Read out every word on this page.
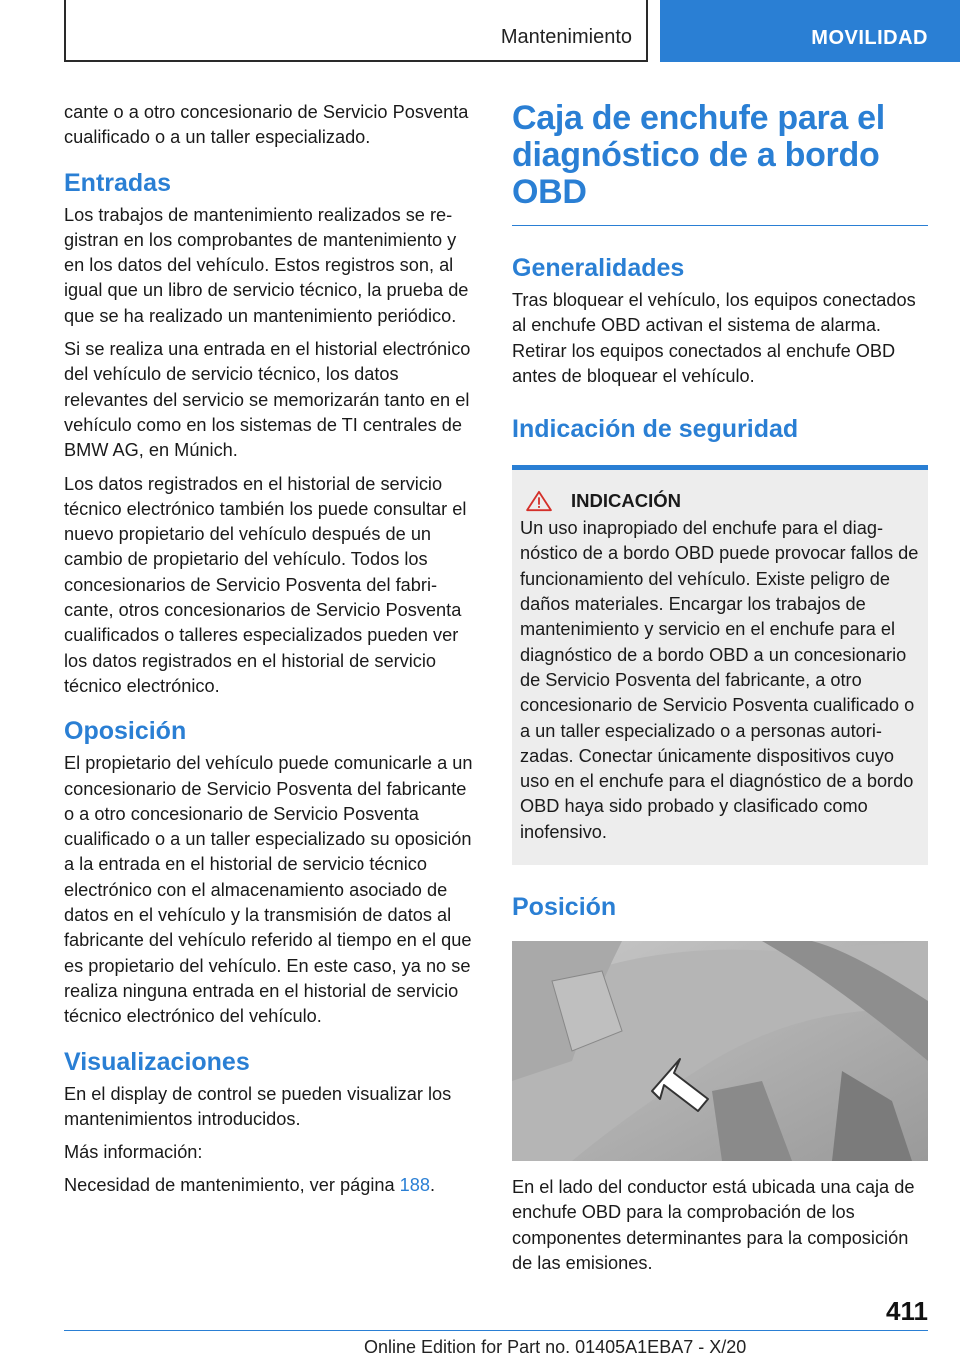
Mantenimiento	MOVILIDAD

cante o a otro concesionario de Servicio Posventa cualificado o a un taller especializado.

Entradas

Los trabajos de mantenimiento realizados se registran en los comprobantes de mantenimiento y en los datos del vehículo. Estos registros son, al igual que un libro de servicio técnico, la prueba de que se ha realizado un mantenimiento periódico.

Si se realiza una entrada en el historial electrónico del vehículo de servicio técnico, los datos relevantes del servicio se memorizarán tanto en el vehículo como en los sistemas de TI centrales de BMW AG, en Múnich.

Los datos registrados en el historial de servicio técnico electrónico también los puede consultar el nuevo propietario del vehículo después de un cambio de propietario del vehículo. Todos los concesionarios de Servicio Posventa del fabricante, otros concesionarios de Servicio Posventa cualificados o talleres especializados pueden ver los datos registrados en el historial de servicio técnico electrónico.

Oposición

El propietario del vehículo puede comunicarle a un concesionario de Servicio Posventa del fabricante o a otro concesionario de Servicio Posventa cualificado o a un taller especializado su oposición a la entrada en el historial de servicio técnico electrónico con el almacenamiento asociado de datos en el vehículo y la transmisión de datos al fabricante del vehículo referido al tiempo en el que es propietario del vehículo. En este caso, ya no se realiza ninguna entrada en el historial de servicio técnico electrónico del vehículo.

Visualizaciones

En el display de control se pueden visualizar los mantenimientos introducidos.

Más información:

Necesidad de mantenimiento, ver página 188.

Caja de enchufe para el diagnóstico de a bordo OBD
Generalidades

Tras bloquear el vehículo, los equipos conectados al enchufe OBD activan el sistema de alarma. Retirar los equipos conectados al enchufe OBD antes de bloquear el vehículo.

Indicación de seguridad
INDICACIÓN

Un uso inapropiado del enchufe para el diagnóstico de a bordo OBD puede provocar fallos de funcionamiento del vehículo. Existe peligro de daños materiales. Encargar los trabajos de mantenimiento y servicio en el enchufe para el diagnóstico de a bordo OBD a un concesionario de Servicio Posventa del fabricante, a otro concesionario de Servicio Posventa cualificado o a un taller especializado o a personas autorizadas. Conectar únicamente dispositivos cuyo uso en el enchufe para el diagnóstico de a bordo OBD haya sido probado y clasificado como inofensivo.

Posición

En el lado del conductor está ubicada una caja de enchufe OBD para la comprobación de los componentes determinantes para la composición de las emisiones.

411
Online Edition for Part no. 01405A1EBA7 - X/20
